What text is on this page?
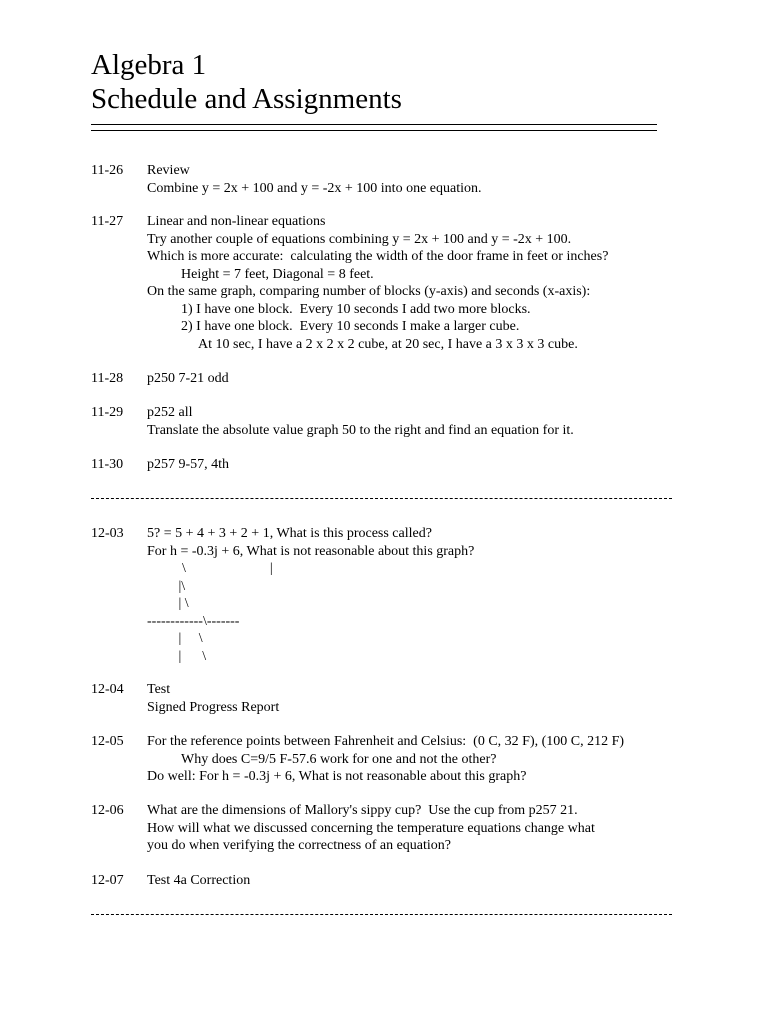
Algebra 1
Schedule and Assignments
11-26 Review
Combine y = 2x + 100 and y = -2x + 100 into one equation.
11-27 Linear and non-linear equations
Try another couple of equations combining y = 2x + 100 and y = -2x + 100.
Which is more accurate:  calculating the width of the door frame in feet or inches?
Height = 7 feet, Diagonal = 8 feet.
On the same graph, comparing number of blocks (y-axis) and seconds (x-axis):
1) I have one block.  Every 10 seconds I add two more blocks.
2) I have one block.  Every 10 seconds I make a larger cube.
At 10 sec, I have a 2 x 2 x 2 cube, at 20 sec, I have a 3 x 3 x 3 cube.
11-28 p250 7-21 odd
11-29 p252 all
Translate the absolute value graph 50 to the right and find an equation for it.
11-30 p257 9-57, 4th
12-03 5? = 5 + 4 + 3 + 2 + 1, What is this process called?
For h = -0.3j + 6, What is not reasonable about this graph?
\                        |
|\
| \
------------\-------
|     \
|      \
12-04 Test
Signed Progress Report
12-05 For the reference points between Fahrenheit and Celsius:  (0 C, 32 F), (100 C, 212 F)
Why does C=9/5 F-57.6 work for one and not the other?
Do well: For h = -0.3j + 6, What is not reasonable about this graph?
12-06 What are the dimensions of Mallory's sippy cup?  Use the cup from p257 21.
How will what we discussed concerning the temperature equations change what
you do when verifying the correctness of an equation?
12-07 Test 4a Correction
